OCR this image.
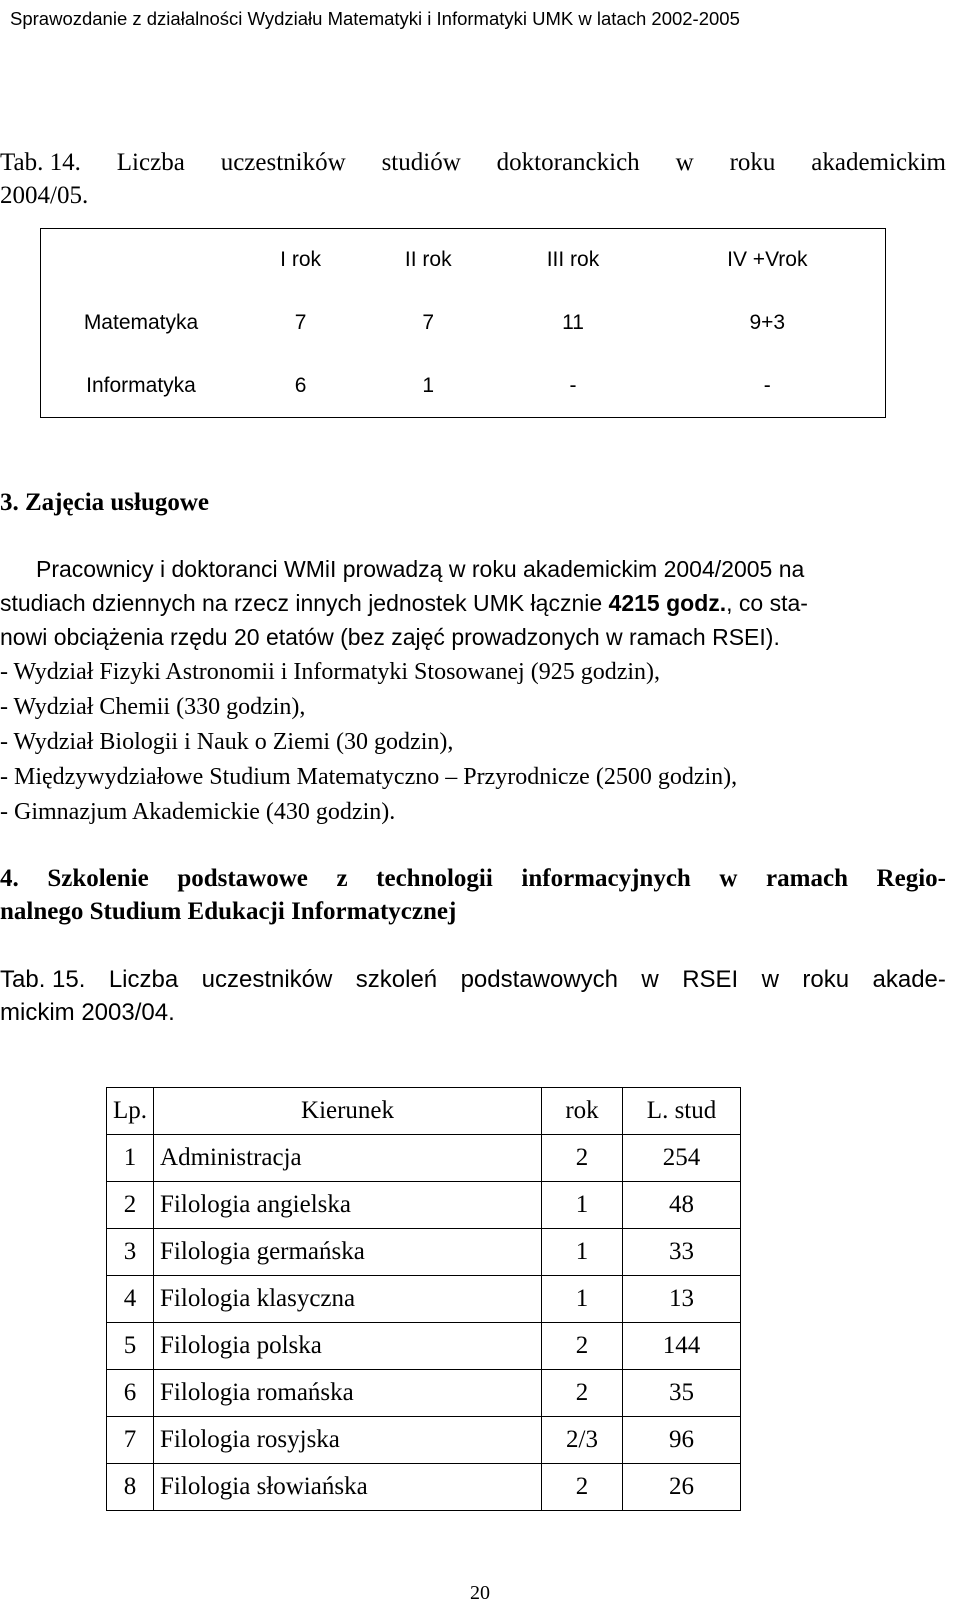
Sprawozdanie z działalności Wydziału Matematyki i Informatyki UMK w latach 2002-2005
Tab. 14. Liczba uczestników studiów doktoranckich w roku akademickim
2004/05.
	I rok	II rok	III rok	IV +Vrok
Matematyka	7	7	11	9+3
Informatyka	6	1	-	-
3. Zajęcia usługowe
Pracownicy i doktoranci WMiI prowadzą w roku akademickim 2004/2005 na
studiach dziennych na rzecz innych jednostek UMK łącznie 4215 godz., co sta-
nowi obciążenia rzędu 20 etatów (bez zajęć prowadzonych w ramach RSEI).
- Wydział Fizyki Astronomii i Informatyki Stosowanej (925 godzin),
- Wydział Chemii (330 godzin),
- Wydział Biologii i Nauk o Ziemi (30 godzin),
- Międzywydziałowe Studium Matematyczno – Przyrodnicze (2500 godzin),
- Gimnazjum Akademickie (430 godzin).
4. Szkolenie podstawowe z technologii informacyjnych w ramach Regio-
nalnego Studium Edukacji Informatycznej
Tab. 15. Liczba uczestników szkoleń podstawowych w RSEI w roku akade-
mickim 2003/04.
Lp.	Kierunek	rok	L. stud
1	Administracja	2	254
2	Filologia angielska	1	48
3	Filologia germańska	1	33
4	Filologia klasyczna	1	13
5	Filologia polska	2	144
6	Filologia romańska	2	35
7	Filologia rosyjska	2/3	96
8	Filologia słowiańska	2	26
20
